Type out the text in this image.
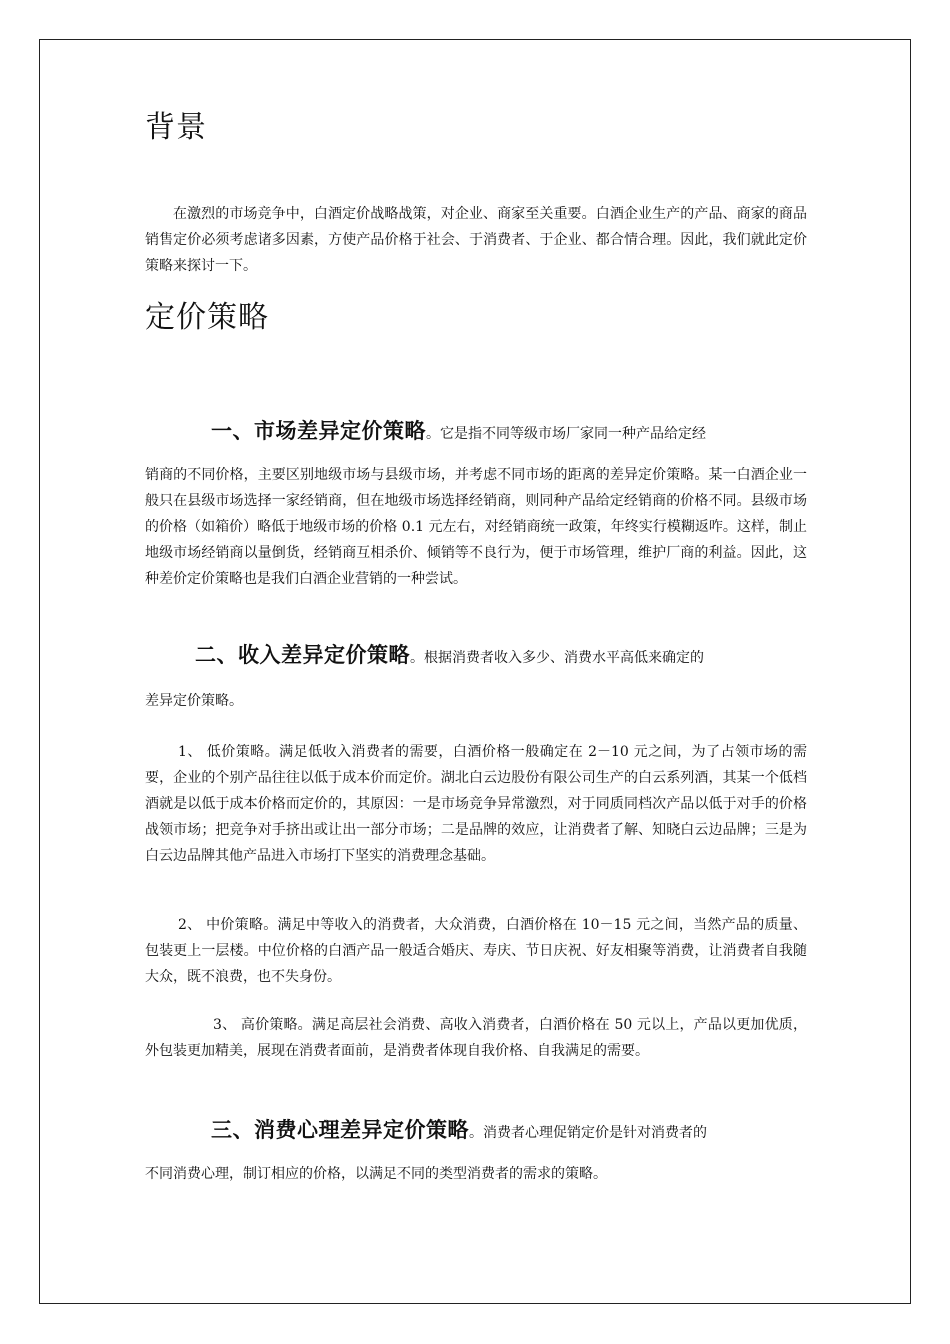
背景

在激烈的市场竞争中，白酒定价战略战策，对企业、商家至关重要。白酒企业生产的产品、商家的商品销售定价必须考虑诸多因素，方使产品价格于社会、于消费者、于企业、都合情合理。因此，我们就此定价策略来探讨一下。

定价策略
一、市场差异定价策略。它是指不同等级市场厂家同一种产品给定经

销商的不同价格，主要区别地级市场与县级市场，并考虑不同市场的距离的差异定价策略。某一白酒企业一般只在县级市场选择一家经销商，但在地级市场选择经销商，则同种产品给定经销商的价格不同。县级市场的价格（如箱价）略低于地级市场的价格 0.1 元左右，对经销商统一政策，年终实行模糊返咋。这样，制止地级市场经销商以量倒货，经销商互相杀价、倾销等不良行为，便于市场管理，维护厂商的利益。因此，这种差价定价策略也是我们白酒企业营销的一种尝试。

二、收入差异定价策略。根据消费者收入多少、消费水平高低来确定的

差异定价策略。

1、 低价策略。满足低收入消费者的需要，白酒价格一般确定在 2－10 元之间，为了占领市场的需要，企业的个别产品往往以低于成本价而定价。湖北白云边股份有限公司生产的白云系列酒，其某一个低档酒就是以低于成本价格而定价的，其原因：一是市场竞争异常激烈，对于同质同档次产品以低于对手的价格战领市场；把竞争对手挤出或让出一部分市场；二是品牌的效应，让消费者了解、知晓白云边品牌；三是为白云边品牌其他产品进入市场打下坚实的消费理念基础。

2、 中价策略。满足中等收入的消费者，大众消费，白酒价格在 10－15 元之间，当然产品的质量、包装更上一层楼。中位价格的白酒产品一般适合婚庆、寿庆、节日庆祝、好友相聚等消费，让消费者自我随大众，既不浪费，也不失身份。

3、 高价策略。满足高层社会消费、高收入消费者，白酒价格在 50 元以上，产品以更加优质，外包装更加精美，展现在消费者面前，是消费者体现自我价格、自我满足的需要。

三、消费心理差异定价策略。消费者心理促销定价是针对消费者的

不同消费心理，制订相应的价格，以满足不同的类型消费者的需求的策略。
